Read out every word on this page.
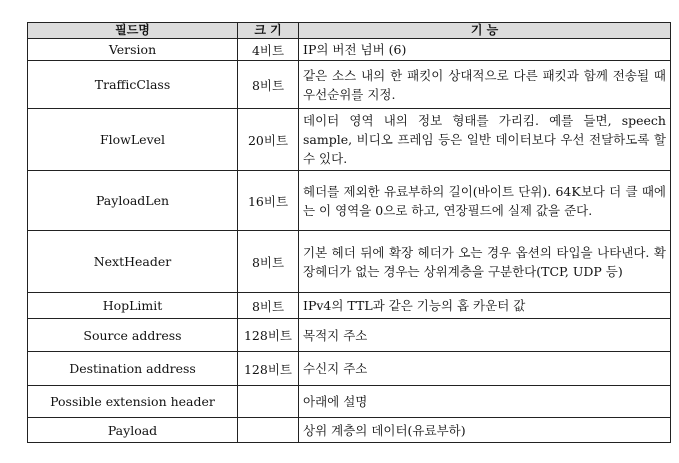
필드명	크 기	기 능
Version	4비트	IP의 버전 넘버 (6)
TrafficClass	8비트	같은 소스 내의 한 패킷이 상대적으로 다른 패킷과 함께 전송될 때 우선순위를 지정.
FlowLevel	20비트	데이터 영역 내의 정보 형태를 가리킴. 예를 들면, speech sample, 비디오 프레임 등은 일반 데이터보다 우선 전달하도록 할 수 있다.
PayloadLen	16비트	헤더를 제외한 유료부하의 길이(바이트 단위). 64K보다 더 클 때에는 이 영역을 0으로 하고, 연장필드에 실제 값을 준다.
NextHeader	8비트	기본 헤더 뒤에 확장 헤더가 오는 경우 옵션의 타입을 나타낸다. 확장헤더가 없는 경우는 상위계층을 구분한다(TCP, UDP 등)
HopLimit	8비트	IPv4의 TTL과 같은 기능의 홉 카운터 값
Source address	128비트	목적지 주소
Destination address	128비트	수신지 주소
Possible extension header		아래에 설명
Payload		상위 계층의 데이터(유료부하)
